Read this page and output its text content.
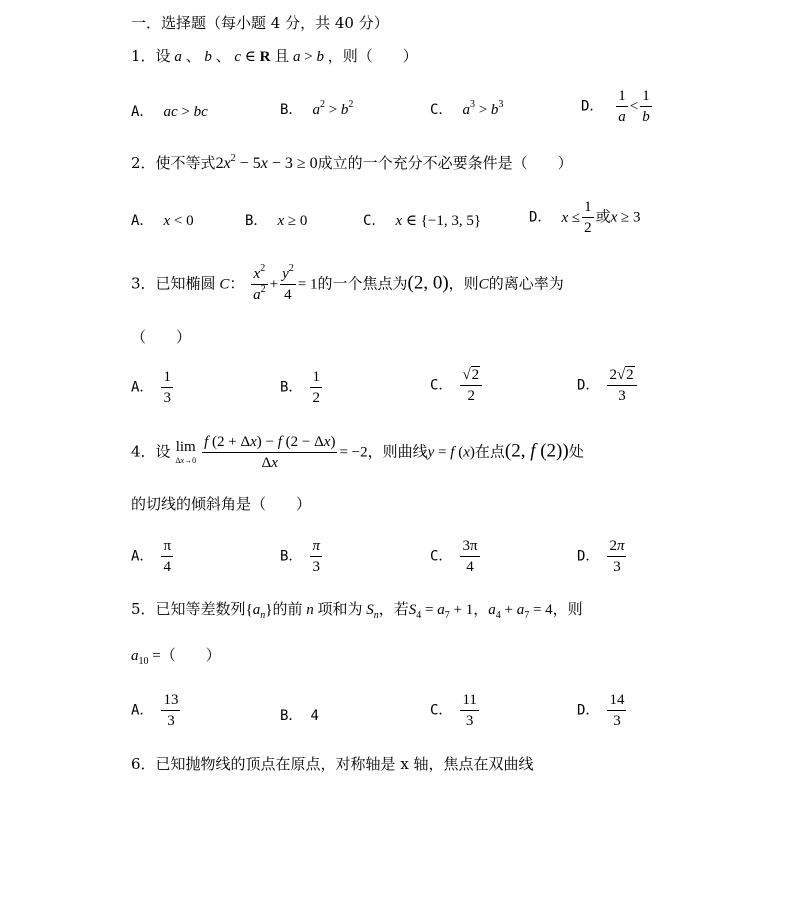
一．选择题（每小题 4 分，共 40 分）
1．设 a 、 b 、 c ∈ R 且 a > b ，则（　　）
A． ac > bc	B． $a^2 > b^2$	C． $a^3 > b^3$	D． $\frac{1}{a} < \frac{1}{b}$
2．使不等式$2x^2 - 5x - 3 \ge 0$成立的一个充分不必要条件是（　　）
A． x < 0	B． x ≥ 0	C． x ∈ {−1, 3, 5}	D． $x \le \frac{1}{2}$ 或x ≥ 3
3．已知椭圆 C： $\frac{x^2}{a^2} + \frac{y^2}{4} = 1$的一个焦点为(2, 0)，则C的离心率为
（　　）
A． $\frac{1}{3}$	B． $\frac{1}{2}$	C． $\frac{√2}{2}$	D． $\frac{2√2}{3}$
4．设 lim
$\Delta x\to 0 \frac{f (2 + \Delta x) - f (2 - \Delta x)}{\Delta x} = -2$，则曲线y = f (x)在点(2, f (2))处
的切线的倾斜角是（　　）
A． $\frac{\pi}{4}$	B． $\frac{\pi}{3}$	C． $\frac{3\pi}{4}$	D． $\frac{2\pi}{3}$
5．已知等差数列$\{a_n\}$的前 n 项和为 $S_n$，若$S_4 = a_7 + 1$，$a_4 + a_7 = 4$，则
$a_{10}$ =（　　）
A． $\frac{13}{3}$	B． 4	C． $\frac{11}{3}$	D． $\frac{14}{3}$
6．已知抛物线的顶点在原点，对称轴是 x 轴，焦点在双曲线
